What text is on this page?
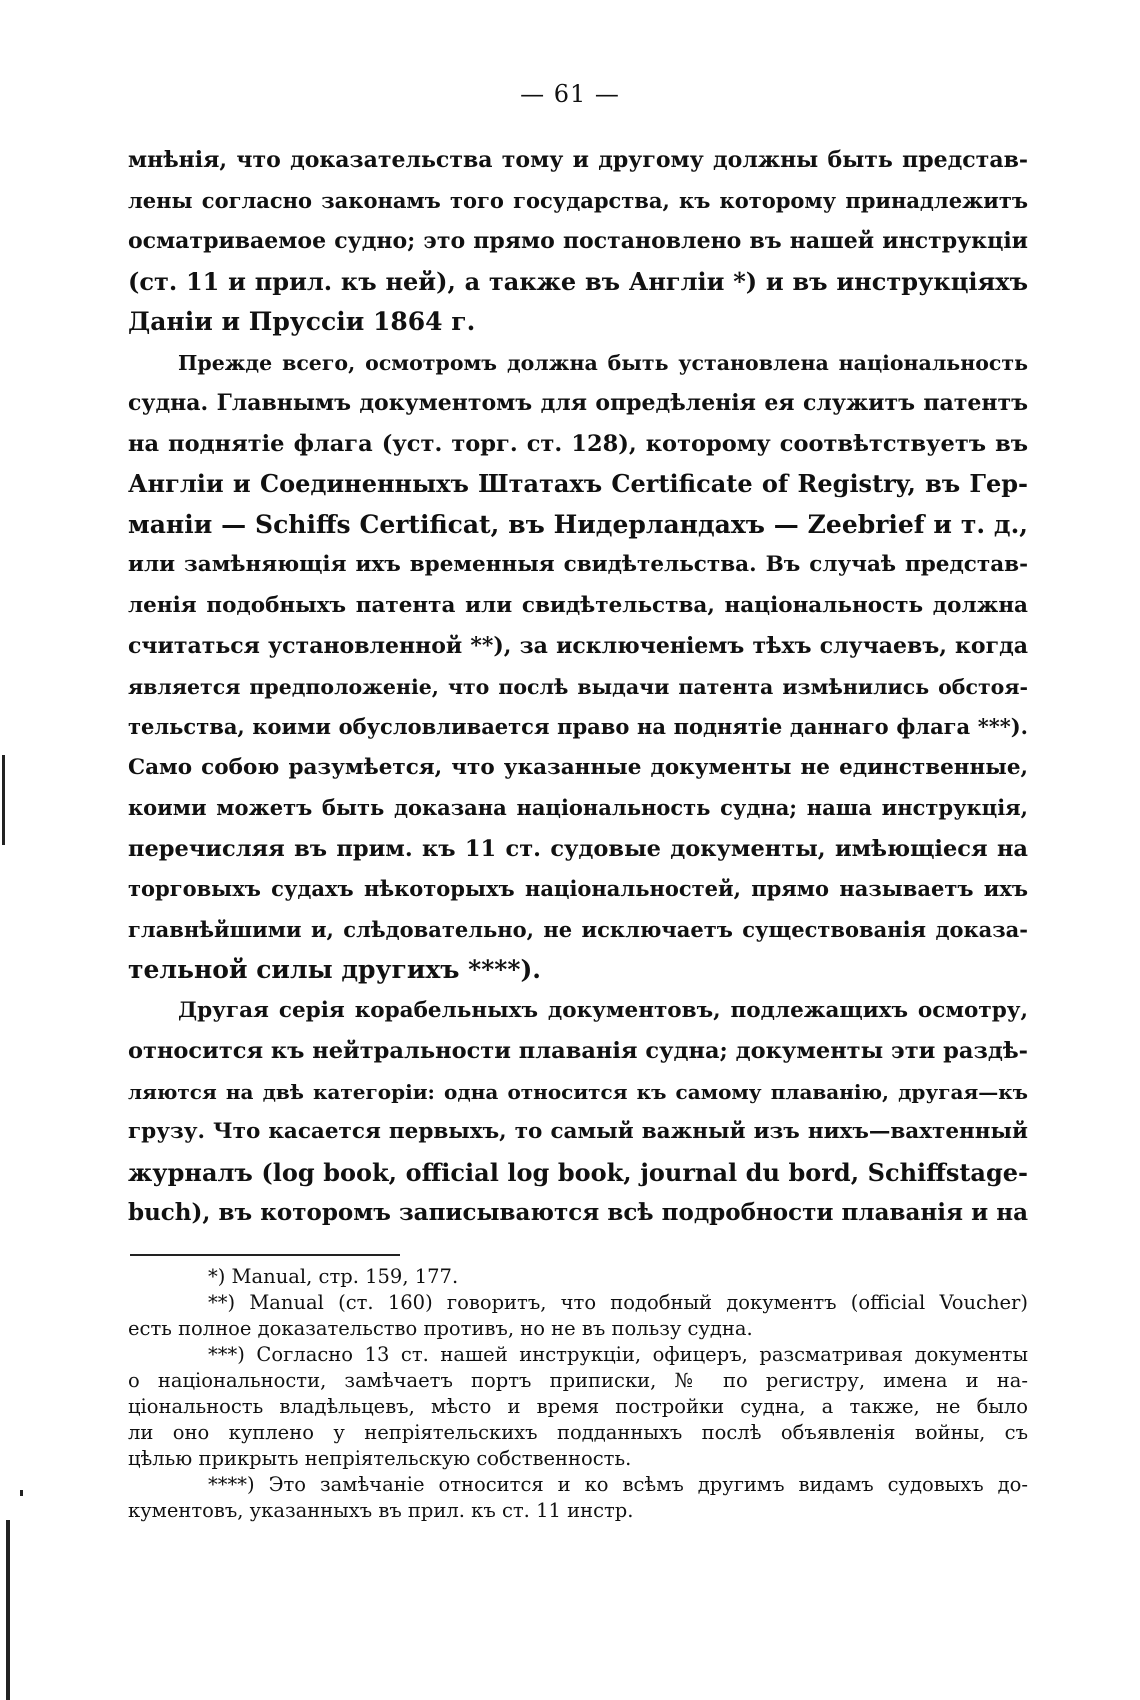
— 61 —
мнѣнія, что доказательства тому и другому должны быть представ-
лены согласно законамъ того государства, къ которому принадлежитъ
осматриваемое судно; это прямо постановлено въ нашей инструкціи
(ст. 11 и прил. къ ней), а также въ Англіи *) и въ инструкціяхъ
Даніи и Пруссіи 1864 г.
Прежде всего, осмотромъ должна быть установлена національность
судна. Главнымъ документомъ для опредѣленія ея служитъ патентъ
на поднятіе флага (уст. торг. ст. 128), которому соотвѣтствуетъ въ
Англіи и Соединенныхъ Штатахъ Certificate of Registry, въ Гер-
маніи — Schiffs Certificat, въ Нидерландахъ — Zeebrief и т. д.,
или замѣняющія ихъ временныя свидѣтельства. Въ случаѣ представ-
ленія подобныхъ патента или свидѣтельства, національность должна
считаться установленной **), за исключеніемъ тѣхъ случаевъ, когда
является предположеніе, что послѣ выдачи патента измѣнились обстоя-
тельства, коими обусловливается право на поднятіе даннаго флага ***).
Само собою разумѣется, что указанные документы не единственные,
коими можетъ быть доказана національность судна; наша инструкція,
перечисляя въ прим. къ 11 ст. судовые документы, имѣющіеся на
торговыхъ судахъ нѣкоторыхъ національностей, прямо называетъ ихъ
главнѣйшими и, слѣдовательно, не исключаетъ существованія доказа-
тельной силы другихъ ****).
Другая серія корабельныхъ документовъ, подлежащихъ осмотру,
относится къ нейтральности плаванія судна; документы эти раздѣ-
ляются на двѣ категоріи: одна относится къ самому плаванію, другая—къ
грузу. Что касается первыхъ, то самый важный изъ нихъ—вахтенный
журналъ (log book, official log book, journal du bord, Schiffstage-
buch), въ которомъ записываются всѣ подробности плаванія и на
*) Manual, стр. 159, 177.
**) Manual (ст. 160) говоритъ, что подобный документъ (official Voucher)
есть полное доказательство противъ, но не въ пользу судна.
***) Согласно 13 ст. нашей инструкціи, офицеръ, разсматривая документы
о національности, замѣчаетъ портъ приписки, № по регистру, имена и на-
ціональность владѣльцевъ, мѣсто и время постройки судна, а также, не было
ли оно куплено у непріятельскихъ подданныхъ послѣ объявленія войны, съ
цѣлью прикрыть непріятельскую собственность.
****) Это замѣчаніе относится и ко всѣмъ другимъ видамъ судовыхъ до-
кументовъ, указанныхъ въ прил. къ ст. 11 инстр.
